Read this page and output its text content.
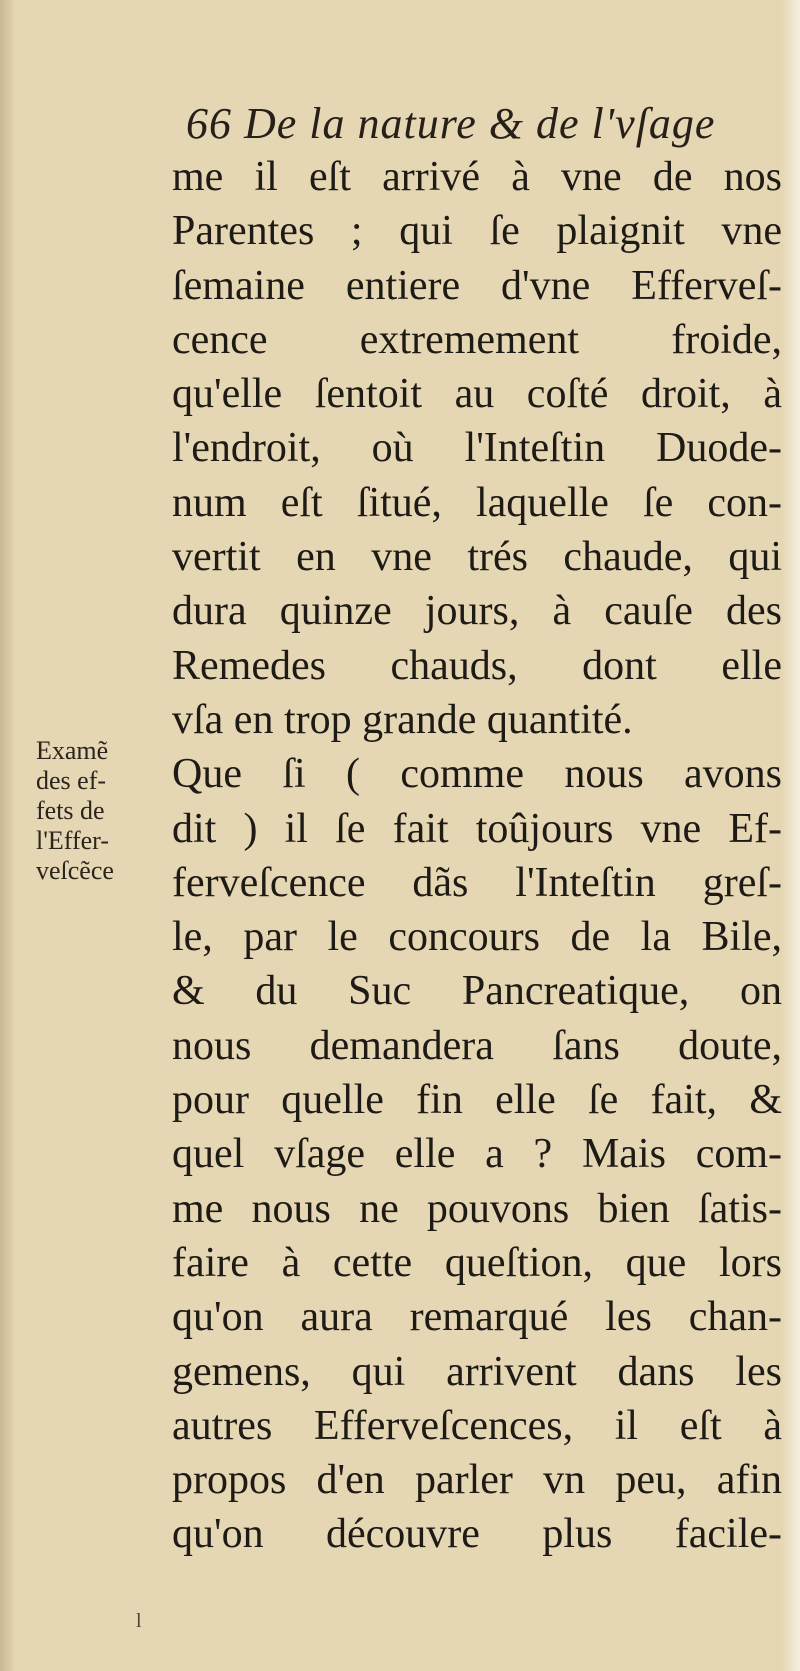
66 De la nature & de l'vſage
me il eſt arrivé à vne de nos
Parentes ; qui ſe plaignit vne
ſemaine entiere d'vne Efferveſ-
cence extremement froide,
qu'elle ſentoit au coſté droit, à
l'endroit, où l'Inteſtin Duode-
num eſt ſitué, laquelle ſe con-
vertit en vne trés chaude, qui
dura quinze jours, à cauſe des
Remedes chauds, dont elle
vſa en trop grande quantité.
Que ſi ( comme nous avons
dit ) il ſe fait toûjours vne Ef-
ferveſcence dãs l'Inteſtin greſ-
le, par le concours de la Bile,
& du Suc Pancreatique, on
nous demandera ſans doute,
pour quelle fin elle ſe fait, &
quel vſage elle a ? Mais com-
me nous ne pouvons bien ſatis-
faire à cette queſtion, que lors
qu'on aura remarqué les chan-
gemens, qui arrivent dans les
autres Efferveſcences, il eſt à
propos d'en parler vn peu, afin
qu'on découvre plus facile-
Examẽ
des ef-
fets de
l'Effer-
veſcẽce
l
